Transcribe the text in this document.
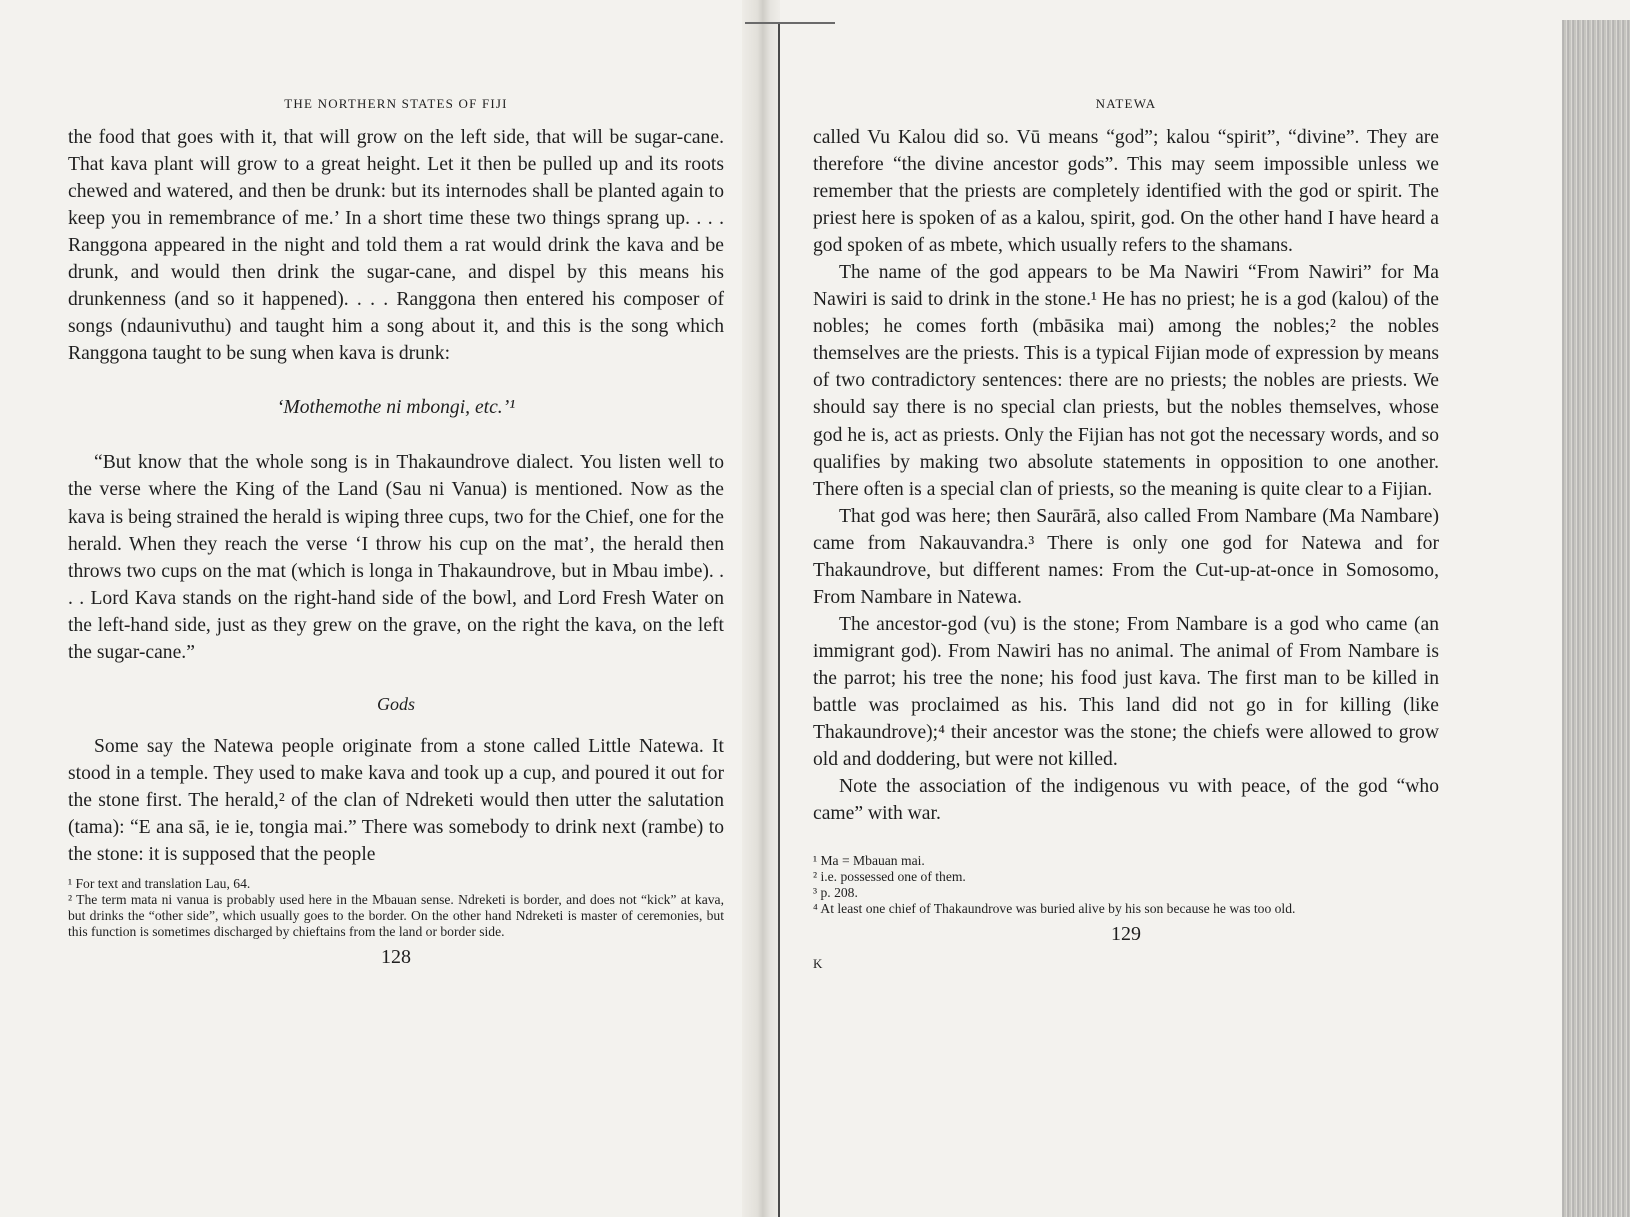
THE NORTHERN STATES OF FIJI

the food that goes with it, that will grow on the left side, that will be sugar-cane. That kava plant will grow to a great height. Let it then be pulled up and its roots chewed and watered, and then be drunk: but its internodes shall be planted again to keep you in remembrance of me.’ In a short time these two things sprang up. . . . Ranggona appeared in the night and told them a rat would drink the kava and be drunk, and would then drink the sugar-cane, and dispel by this means his drunkenness (and so it happened). . . . Ranggona then entered his composer of songs (ndaunivuthu) and taught him a song about it, and this is the song which Ranggona taught to be sung when kava is drunk:

‘Mothemothe ni mbongi, etc.’¹

“But know that the whole song is in Thakaundrove dialect. You listen well to the verse where the King of the Land (Sau ni Vanua) is mentioned. Now as the kava is being strained the herald is wiping three cups, two for the Chief, one for the herald. When they reach the verse ‘I throw his cup on the mat’, the herald then throws two cups on the mat (which is longa in Thakaundrove, but in Mbau imbe). . . . Lord Kava stands on the right-hand side of the bowl, and Lord Fresh Water on the left-hand side, just as they grew on the grave, on the right the kava, on the left the sugar-cane.”

Gods

Some say the Natewa people originate from a stone called Little Natewa. It stood in a temple. They used to make kava and took up a cup, and poured it out for the stone first. The herald,² of the clan of Ndreketi would then utter the salutation (tama): “E ana sā, ie ie, tongia mai.” There was somebody to drink next (rambe) to the stone: it is supposed that the people

¹ For text and translation Lau, 64.

² The term mata ni vanua is probably used here in the Mbauan sense. Ndreketi is border, and does not “kick” at kava, but drinks the “other side”, which usually goes to the border. On the other hand Ndreketi is master of ceremonies, but this function is sometimes discharged by chieftains from the land or border side.

128
NATEWA

called Vu Kalou did so. Vū means “god”; kalou “spirit”, “divine”. They are therefore “the divine ancestor gods”. This may seem impossible unless we remember that the priests are completely identified with the god or spirit. The priest here is spoken of as a kalou, spirit, god. On the other hand I have heard a god spoken of as mbete, which usually refers to the shamans.

The name of the god appears to be Ma Nawiri “From Nawiri” for Ma Nawiri is said to drink in the stone.¹ He has no priest; he is a god (kalou) of the nobles; he comes forth (mbāsika mai) among the nobles;² the nobles themselves are the priests. This is a typical Fijian mode of expression by means of two contradictory sentences: there are no priests; the nobles are priests. We should say there is no special clan priests, but the nobles themselves, whose god he is, act as priests. Only the Fijian has not got the necessary words, and so qualifies by making two absolute statements in opposition to one another. There often is a special clan of priests, so the meaning is quite clear to a Fijian.

That god was here; then Saurārā, also called From Nambare (Ma Nambare) came from Nakauvandra.³ There is only one god for Natewa and for Thakaundrove, but different names: From the Cut-up-at-once in Somosomo, From Nambare in Natewa.

The ancestor-god (vu) is the stone; From Nambare is a god who came (an immigrant god). From Nawiri has no animal. The animal of From Nambare is the parrot; his tree the none; his food just kava. The first man to be killed in battle was proclaimed as his. This land did not go in for killing (like Thakaundrove);⁴ their ancestor was the stone; the chiefs were allowed to grow old and doddering, but were not killed.

Note the association of the indigenous vu with peace, of the god “who came” with war.

¹ Ma = Mbauan mai.

² i.e. possessed one of them.

³ p. 208.

⁴ At least one chief of Thakaundrove was buried alive by his son because he was too old.

129
K
